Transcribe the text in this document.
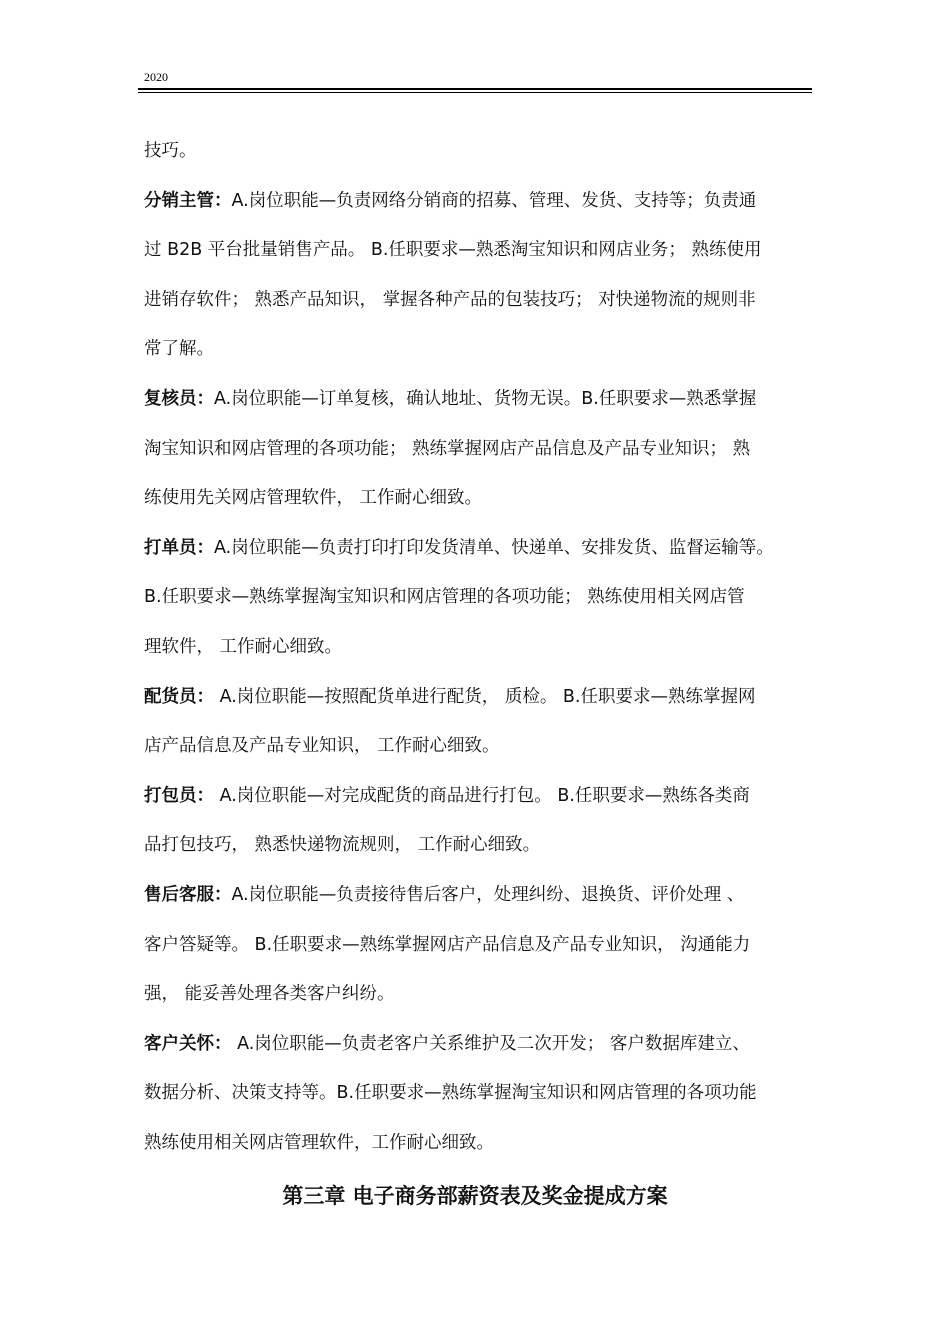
2020
技巧。
分销主管：A.岗位职能—负责网络分销商的招募、管理、发货、支持等；负责通
过 B2B 平台批量销售产品。 B.任职要求—熟悉淘宝知识和网店业务； 熟练使用
进销存软件； 熟悉产品知识， 掌握各种产品的包装技巧； 对快递物流的规则非
常了解。
复核员：A.岗位职能—订单复核，确认地址、货物无误。B.任职要求—熟悉掌握
淘宝知识和网店管理的各项功能； 熟练掌握网店产品信息及产品专业知识； 熟
练使用先关网店管理软件， 工作耐心细致。
打单员：A.岗位职能—负责打印打印发货清单、快递单、安排发货、监督运输等。
B.任职要求—熟练掌握淘宝知识和网店管理的各项功能； 熟练使用相关网店管
理软件， 工作耐心细致。
配货员： A.岗位职能—按照配货单进行配货， 质检。 B.任职要求—熟练掌握网
店产品信息及产品专业知识， 工作耐心细致。
打包员： A.岗位职能—对完成配货的商品进行打包。 B.任职要求—熟练各类商
品打包技巧， 熟悉快递物流规则， 工作耐心细致。
售后客服：A.岗位职能—负责接待售后客户，处理纠纷、退换货、评价处理 、
客户答疑等。 B.任职要求—熟练掌握网店产品信息及产品专业知识， 沟通能力
强， 能妥善处理各类客户纠纷。
客户关怀： A.岗位职能—负责老客户关系维护及二次开发； 客户数据库建立、
数据分析、决策支持等。B.任职要求—熟练掌握淘宝知识和网店管理的各项功能
熟练使用相关网店管理软件，工作耐心细致。
第三章 电子商务部薪资表及奖金提成方案
